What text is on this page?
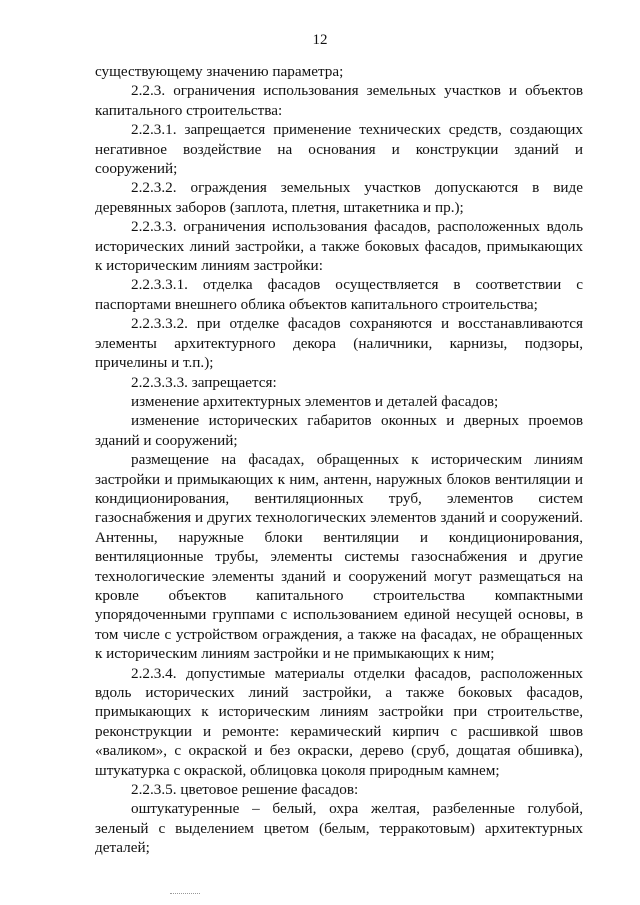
12

существующему значению параметра;

2.2.3. ограничения использования земельных участков и объектов капитального строительства:

2.2.3.1. запрещается применение технических средств, создающих негативное воздействие на основания и конструкции зданий и сооружений;

2.2.3.2. ограждения земельных участков допускаются в виде деревянных заборов (заплота, плетня, штакетника и пр.);

2.2.3.3. ограничения использования фасадов, расположенных вдоль исторических линий застройки, а также боковых фасадов, примыкающих к историческим линиям застройки:

2.2.3.3.1. отделка фасадов осуществляется в соответствии с паспортами внешнего облика объектов капитального строительства;

2.2.3.3.2. при отделке фасадов сохраняются и восстанавливаются элементы архитектурного декора (наличники, карнизы, подзоры, причелины и т.п.);

2.2.3.3.3. запрещается:

изменение архитектурных элементов и деталей фасадов;

изменение исторических габаритов оконных и дверных проемов зданий и сооружений;

размещение на фасадах, обращенных к историческим линиям застройки и примыкающих к ним, антенн, наружных блоков вентиляции и кондиционирования, вентиляционных труб, элементов систем газоснабжения и других технологических элементов зданий и сооружений. Антенны, наружные блоки вентиляции и кондиционирования, вентиляционные трубы, элементы системы газоснабжения и другие технологические элементы зданий и сооружений могут размещаться на кровле объектов капитального строительства компактными упорядоченными группами с использованием единой несущей основы, в том числе с устройством ограждения, а также на фасадах, не обращенных к историческим линиям застройки и не примыкающих к ним;

2.2.3.4. допустимые материалы отделки фасадов, расположенных вдоль исторических линий застройки, а также боковых фасадов, примыкающих к историческим линиям застройки при строительстве, реконструкции и ремонте: керамический кирпич с расшивкой швов «валиком», с окраской и без окраски, дерево (сруб, дощатая обшивка), штукатурка с окраской, облицовка цоколя природным камнем;

2.2.3.5. цветовое решение фасадов:

оштукатуренные – белый, охра желтая, разбеленные голубой, зеленый с выделением цветом (белым, терракотовым) архитектурных деталей;
